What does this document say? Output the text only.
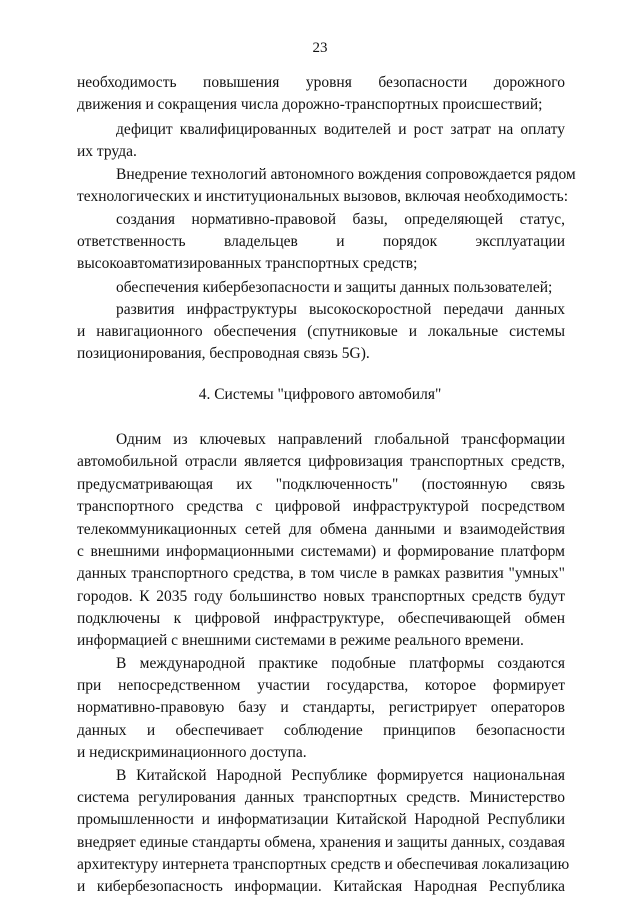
23
необходимость повышения уровня безопасности дорожного
движения и сокращения числа дорожно-транспортных происшествий;
дефицит квалифицированных водителей и рост затрат на оплату
их труда.
Внедрение технологий автономного вождения сопровождается рядом
технологических и институциональных вызовов, включая необходимость:
создания нормативно-правовой базы, определяющей статус,
ответственность владельцев и порядок эксплуатации
высокоавтоматизированных транспортных средств;
обеспечения кибербезопасности и защиты данных пользователей;
развития инфраструктуры высокоскоростной передачи данных
и навигационного обеспечения (спутниковые и локальные системы
позиционирования, беспроводная связь 5G).
4. Системы "цифрового автомобиля"
Одним из ключевых направлений глобальной трансформации
автомобильной отрасли является цифровизация транспортных средств,
предусматривающая их "подключенность" (постоянную связь
транспортного средства с цифровой инфраструктурой посредством
телекоммуникационных сетей для обмена данными и взаимодействия
с внешними информационными системами) и формирование платформ
данных транспортного средства, в том числе в рамках развития "умных"
городов. К 2035 году большинство новых транспортных средств будут
подключены к цифровой инфраструктуре, обеспечивающей обмен
информацией с внешними системами в режиме реального времени.
В международной практике подобные платформы создаются
при непосредственном участии государства, которое формирует
нормативно-правовую базу и стандарты, регистрирует операторов
данных и обеспечивает соблюдение принципов безопасности
и недискриминационного доступа.
В Китайской Народной Республике формируется национальная
система регулирования данных транспортных средств. Министерство
промышленности и информатизации Китайской Народной Республики
внедряет единые стандарты обмена, хранения и защиты данных, создавая
архитектуру интернета транспортных средств и обеспечивая локализацию
и кибербезопасность информации. Китайская Народная Республика
